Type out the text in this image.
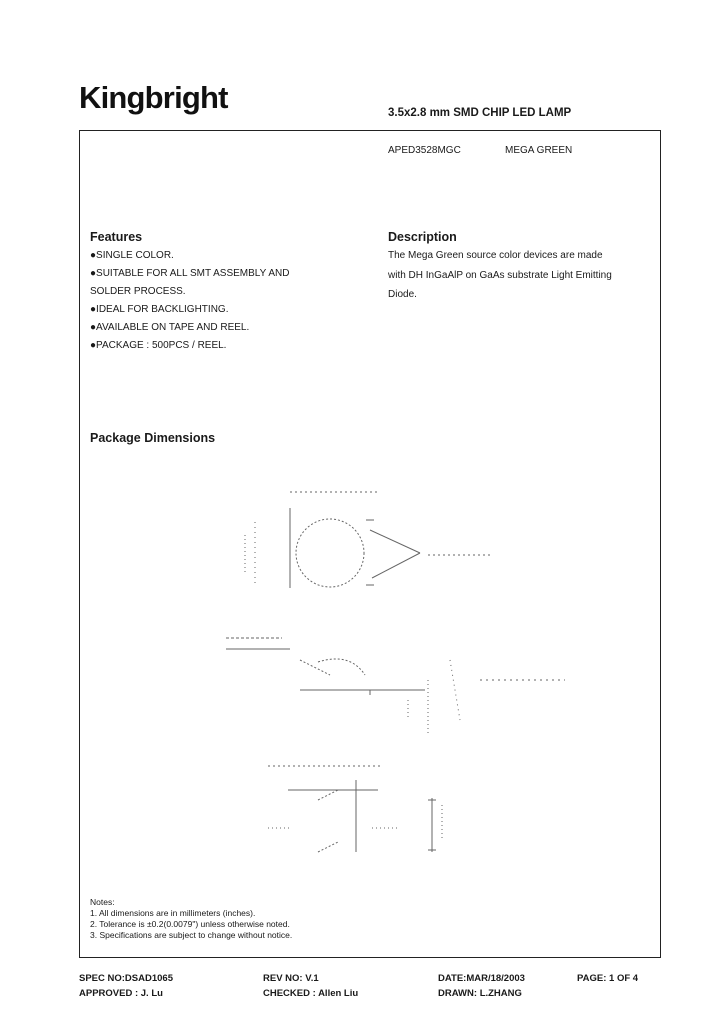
Kingbright	3.5x2.8 mm SMD CHIP LED LAMP
APED3528MGC	MEGA GREEN
Features
●SINGLE COLOR.
●SUITABLE FOR ALL SMT ASSEMBLY AND
SOLDER PROCESS.
●IDEAL FOR BACKLIGHTING.
●AVAILABLE ON TAPE AND REEL.
●PACKAGE : 500PCS / REEL.
Description
The Mega Green source color devices are made
with DH InGaAlP on GaAs substrate Light Emitting
Diode.
Package Dimensions
Notes:
1. All dimensions are in millimeters (inches).
2. Tolerance is ±0.2(0.0079") unless otherwise noted.
3. Specifications are subject to change without notice.
SPEC NO:DSAD1065	REV NO: V.1	DATE:MAR/18/2003	PAGE: 1 OF 4
APPROVED : J. Lu	CHECKED : Allen Liu	DRAWN: L.ZHANG
